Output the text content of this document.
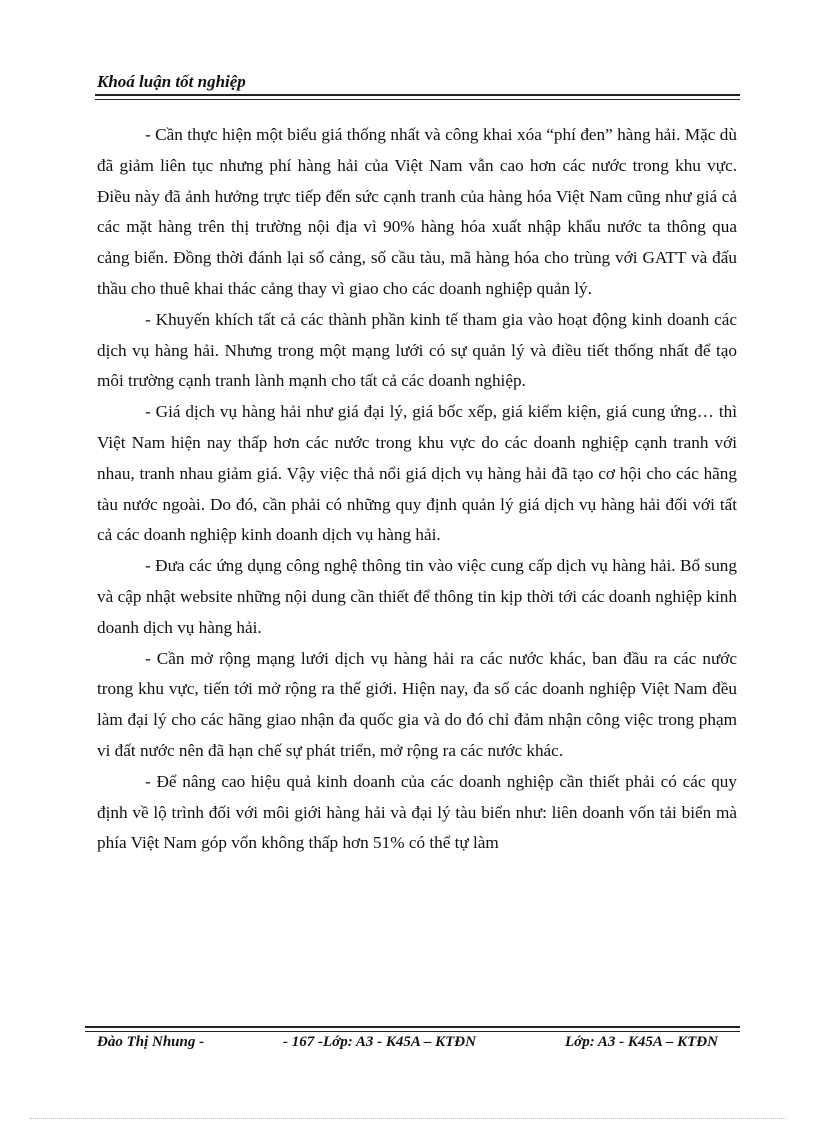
Khoá luận tốt nghiệp

- Cần thực hiện một biểu giá thống nhất và công khai xóa “phí đen” hàng hải. Mặc dù đã giảm liên tục nhưng phí hàng hải của Việt Nam vẫn cao hơn các nước trong khu vực. Điều này đã ảnh hưởng trực tiếp đến sức cạnh tranh của hàng hóa Việt Nam cũng như giá cả các mặt hàng trên thị trường nội địa vì 90% hàng hóa xuất nhập khẩu nước ta thông qua cảng biển. Đồng thời đánh lại số cảng, số cầu tàu, mã hàng hóa cho trùng với GATT và đấu thầu cho thuê khai thác cảng thay vì giao cho các doanh nghiệp quản lý.

- Khuyến khích tất cả các thành phần kinh tế tham gia vào hoạt động kinh doanh các dịch vụ hàng hải. Nhưng trong một mạng lưới có sự quản lý và điều tiết thống nhất để tạo môi trường cạnh tranh lành mạnh cho tất cả các doanh nghiệp.

- Giá dịch vụ hàng hải như giá đại lý, giá bốc xếp, giá kiểm kiện, giá cung ứng… thì Việt Nam hiện nay thấp hơn các nước trong khu vực do các doanh nghiệp cạnh tranh với nhau, tranh nhau giảm giá. Vậy việc thả nổi giá dịch vụ hàng hải đã tạo cơ hội cho các hãng tàu nước ngoài. Do đó, cần phải có những quy định quản lý giá dịch vụ hàng hải đối với tất cả các doanh nghiệp kinh doanh dịch vụ hàng hải.

- Đưa các ứng dụng công nghệ thông tin vào việc cung cấp dịch vụ hàng hải. Bổ sung và cập nhật website những nội dung cần thiết để thông tin kịp thời tới các doanh nghiệp kinh doanh dịch vụ hàng hải.

- Cần mở rộng mạng lưới dịch vụ hàng hải ra các nước khác, ban đầu ra các nước trong khu vực, tiến tới mở rộng ra thế giới. Hiện nay, đa số các doanh nghiệp Việt Nam đều làm đại lý cho các hãng giao nhận đa quốc gia và do đó chỉ đảm nhận công việc trong phạm vi đất nước nên đã hạn chế sự phát triển, mở rộng ra các nước khác.

- Để nâng cao hiệu quả kinh doanh của các doanh nghiệp cần thiết phải có các quy định về lộ trình đối với môi giới hàng hải và đại lý tàu biển như: liên doanh vốn tải biển mà phía Việt Nam góp vốn không thấp hơn 51% có thể tự làm

Đào Thị Nhung -	- 167 -Lớp: A3 - K45A – KTĐN	Lớp: A3 - K45A – KTĐN
